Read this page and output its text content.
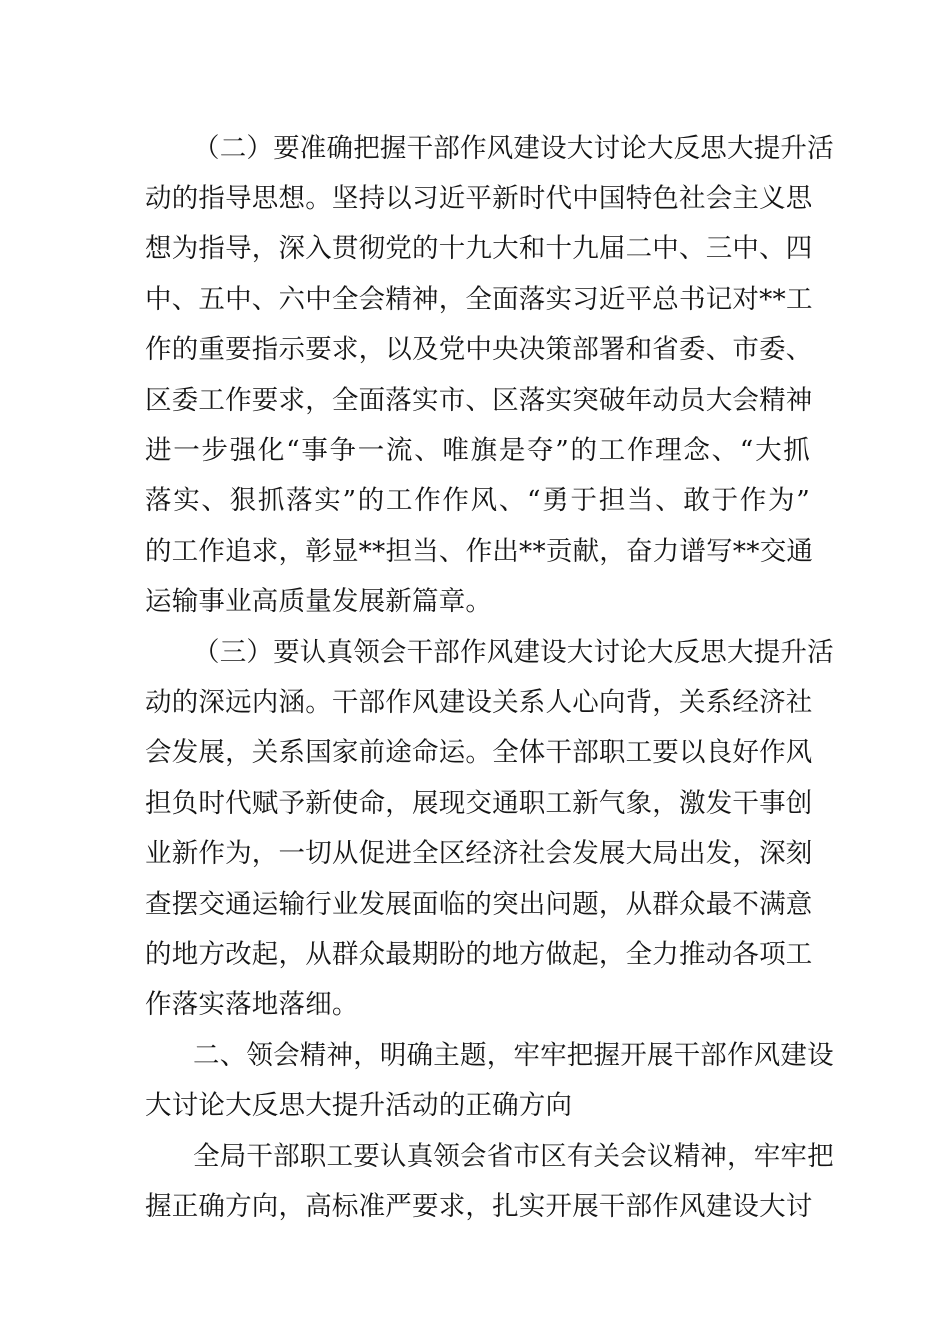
（二）要准确把握干部作风建设大讨论大反思大提升活
动的指导思想。坚持以习近平新时代中国特色社会主义思
想为指导，深入贯彻党的十九大和十九届二中、三中、四
中、五中、六中全会精神，全面落实习近平总书记对**工
作的重要指示要求，以及党中央决策部署和省委、市委、
区委工作要求，全面落实市、区落实突破年动员大会精神
进一步强化“事争一流、唯旗是夺”的工作理念、“大抓
落实、狠抓落实”的工作作风、“勇于担当、敢于作为”
的工作追求，彰显**担当、作出**贡献，奋力谱写**交通
运输事业高质量发展新篇章。
（三）要认真领会干部作风建设大讨论大反思大提升活
动的深远内涵。干部作风建设关系人心向背，关系经济社
会发展，关系国家前途命运。全体干部职工要以良好作风
担负时代赋予新使命，展现交通职工新气象，激发干事创
业新作为，一切从促进全区经济社会发展大局出发，深刻
查摆交通运输行业发展面临的突出问题，从群众最不满意
的地方改起，从群众最期盼的地方做起，全力推动各项工
作落实落地落细。
二、领会精神，明确主题，牢牢把握开展干部作风建设
大讨论大反思大提升活动的正确方向
全局干部职工要认真领会省市区有关会议精神，牢牢把
握正确方向，高标准严要求，扎实开展干部作风建设大讨
